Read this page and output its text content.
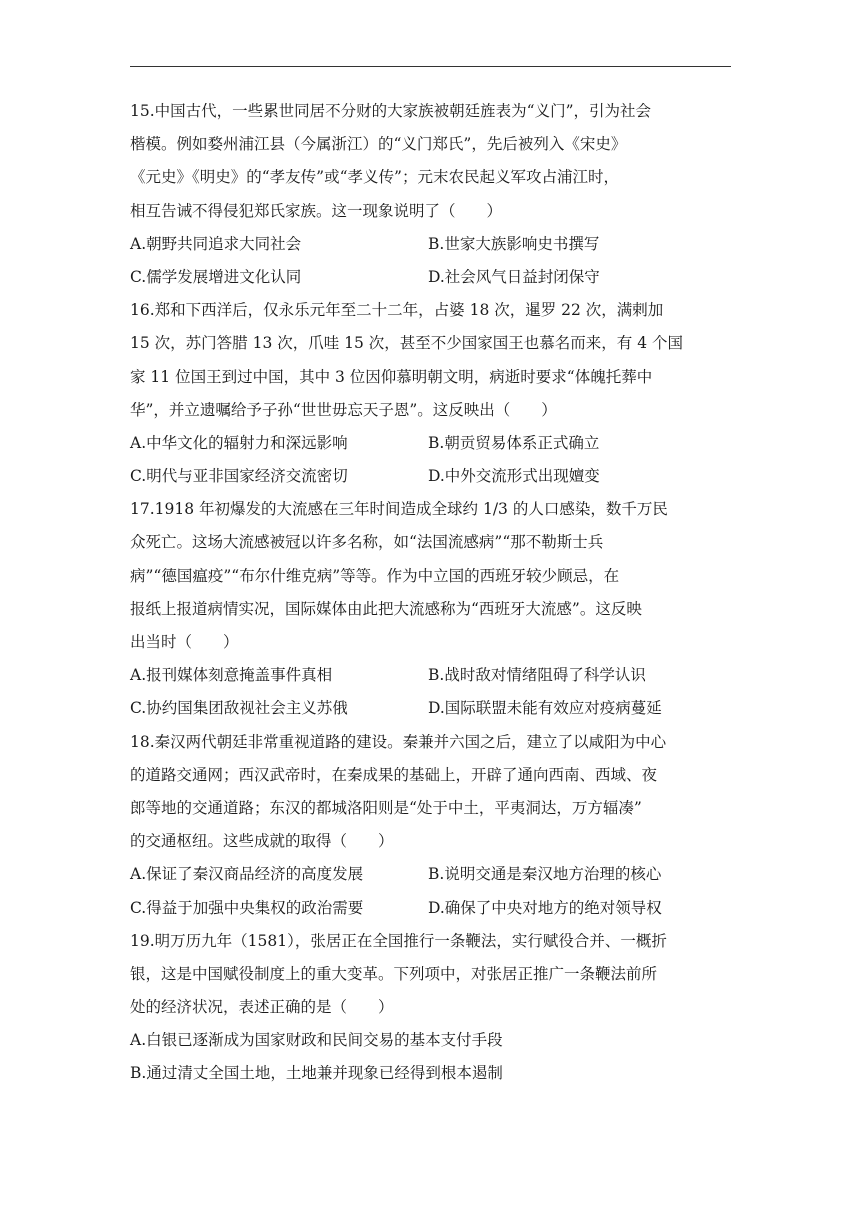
15.中国古代，一些累世同居不分财的大家族被朝廷旌表为“义门”，引为社会
楷模。例如婺州浦江县（今属浙江）的“义门郑氏”，先后被列入《宋史》
《元史》《明史》的“孝友传”或“孝义传”；元末农民起义军攻占浦江时，
相互告诫不得侵犯郑氏家族。这一现象说明了（　　）
A.朝野共同追求大同社会	B.世家大族影响史书撰写
C.儒学发展增进文化认同	D.社会风气日益封闭保守
16.郑和下西洋后，仅永乐元年至二十二年，占婆 18 次，暹罗 22 次，满剌加
15 次，苏门答腊 13 次，爪哇 15 次，甚至不少国家国王也慕名而来，有 4 个国
家 11 位国王到过中国，其中 3 位因仰慕明朝文明，病逝时要求“体魄托葬中
华”，并立遗嘱给予子孙“世世毋忘天子恩”。这反映出（　　）
A.中华文化的辐射力和深远影响	B.朝贡贸易体系正式确立
C.明代与亚非国家经济交流密切	D.中外交流形式出现嬗变
17.1918 年初爆发的大流感在三年时间造成全球约 1/3 的人口感染，数千万民
众死亡。这场大流感被冠以许多名称，如“法国流感病”“那不勒斯士兵
病”“德国瘟疫”“布尔什维克病”等等。作为中立国的西班牙较少顾忌，在
报纸上报道病情实况，国际媒体由此把大流感称为“西班牙大流感”。这反映
出当时（　　）
A.报刊媒体刻意掩盖事件真相	B.战时敌对情绪阻碍了科学认识
C.协约国集团敌视社会主义苏俄	D.国际联盟未能有效应对疫病蔓延
18.秦汉两代朝廷非常重视道路的建设。秦兼并六国之后，建立了以咸阳为中心
的道路交通网；西汉武帝时，在秦成果的基础上，开辟了通向西南、西域、夜
郎等地的交通道路；东汉的都城洛阳则是“处于中土，平夷洞达，万方辐凑”
的交通枢纽。这些成就的取得（　　）
A.保证了秦汉商品经济的高度发展	B.说明交通是秦汉地方治理的核心
C.得益于加强中央集权的政治需要	D.确保了中央对地方的绝对领导权
19.明万历九年（1581），张居正在全国推行一条鞭法，实行赋役合并、一概折
银，这是中国赋役制度上的重大变革。下列项中，对张居正推广一条鞭法前所
处的经济状况，表述正确的是（　　）
A.白银已逐渐成为国家财政和民间交易的基本支付手段
B.通过清丈全国土地，土地兼并现象已经得到根本遏制
